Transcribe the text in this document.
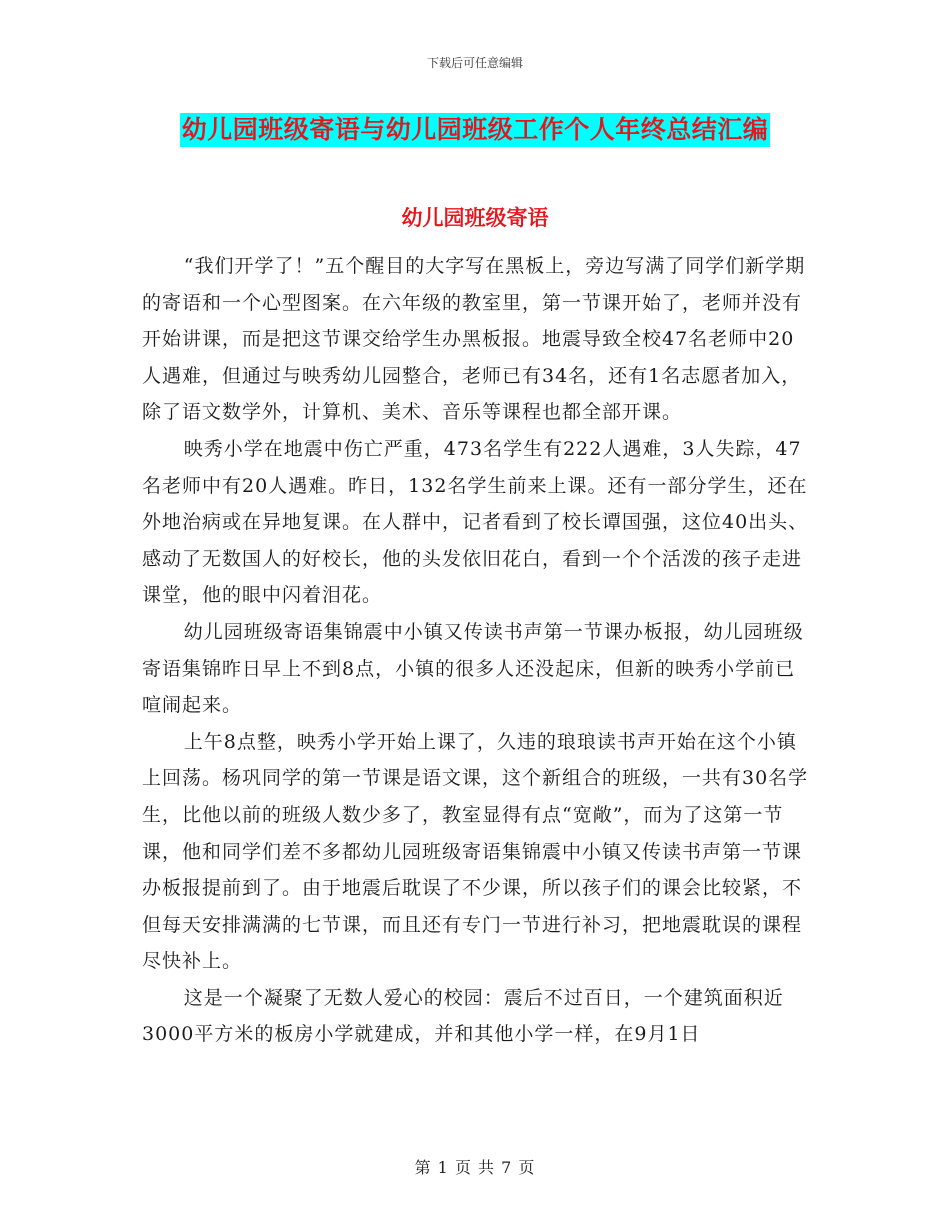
下载后可任意编辑
幼儿园班级寄语与幼儿园班级工作个人年终总结汇编
幼儿园班级寄语

“我们开学了！”五个醒目的大字写在黑板上，旁边写满了同学们新学期的寄语和一个心型图案。在六年级的教室里，第一节课开始了，老师并没有开始讲课，而是把这节课交给学生办黑板报。地震导致全校47名老师中20人遇难，但通过与映秀幼儿园整合，老师已有34名，还有1名志愿者加入，除了语文数学外，计算机、美术、音乐等课程也都全部开课。

映秀小学在地震中伤亡严重，473名学生有222人遇难，3人失踪，47名老师中有20人遇难。昨日，132名学生前来上课。还有一部分学生，还在外地治病或在异地复课。在人群中，记者看到了校长谭国强，这位40出头、感动了无数国人的好校长，他的头发依旧花白，看到一个个活泼的孩子走进课堂，他的眼中闪着泪花。

幼儿园班级寄语集锦震中小镇又传读书声第一节课办板报，幼儿园班级寄语集锦昨日早上不到8点，小镇的很多人还没起床，但新的映秀小学前已喧闹起来。

上午8点整，映秀小学开始上课了，久违的琅琅读书声开始在这个小镇上回荡。杨巩同学的第一节课是语文课，这个新组合的班级，一共有30名学生，比他以前的班级人数少多了，教室显得有点“宽敞”，而为了这第一节课，他和同学们差不多都幼儿园班级寄语集锦震中小镇又传读书声第一节课办板报提前到了。由于地震后耽误了不少课，所以孩子们的课会比较紧，不但每天安排满满的七节课，而且还有专门一节进行补习，把地震耽误的课程尽快补上。

这是一个凝聚了无数人爱心的校园：震后不过百日，一个建筑面积近3000平方米的板房小学就建成，并和其他小学一样，在9月1日

第 1 页 共 7 页
